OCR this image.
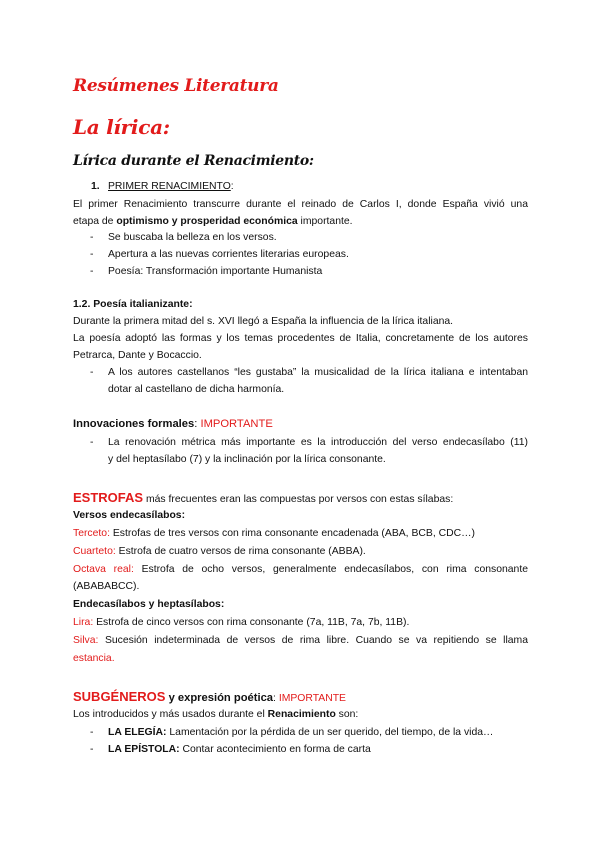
Resúmenes Literatura
La lírica:
Lírica durante el Renacimiento:
1. PRIMER RENACIMIENTO:
El primer Renacimiento transcurre durante el reinado de Carlos I, donde España vivió una
etapa de optimismo y prosperidad económica importante.
- Se buscaba la belleza en los versos.
- Apertura a las nuevas corrientes literarias europeas.
- Poesía: Transformación importante Humanista
1.2. Poesía italianizante:
Durante la primera mitad del s. XVI llegó a España la influencia de la lírica italiana.
La poesía adoptó las formas y los temas procedentes de Italia, concretamente de los autores
Petrarca, Dante y Bocaccio.
- A los autores castellanos “les gustaba” la musicalidad de la lírica italiana e intentaban
dotar al castellano de dicha harmonía.
Innovaciones formales: IMPORTANTE
- La renovación métrica más importante es la introducción del verso endecasílabo (11)
y del heptasílabo (7) y la inclinación por la lírica consonante.
ESTROFAS más frecuentes eran las compuestas por versos con estas sílabas:
Versos endecasílabos:
Terceto: Estrofas de tres versos con rima consonante encadenada (ABA, BCB, CDC…)
Cuarteto: Estrofa de cuatro versos de rima consonante (ABBA).
Octava real: Estrofa de ocho versos, generalmente endecasílabos, con rima consonante
(ABABABCC).
Endecasílabos y heptasílabos:
Lira: Estrofa de cinco versos con rima consonante (7a, 11B, 7a, 7b, 11B).
Silva: Sucesión indeterminada de versos de rima libre. Cuando se va repitiendo se llama
estancia.
SUBGÉNEROS y expresión poética: IMPORTANTE
Los introducidos y más usados durante el Renacimiento son:
- LA ELEGÍA: Lamentación por la pérdida de un ser querido, del tiempo, de la vida…
- LA EPÍSTOLA: Contar acontecimiento en forma de carta
